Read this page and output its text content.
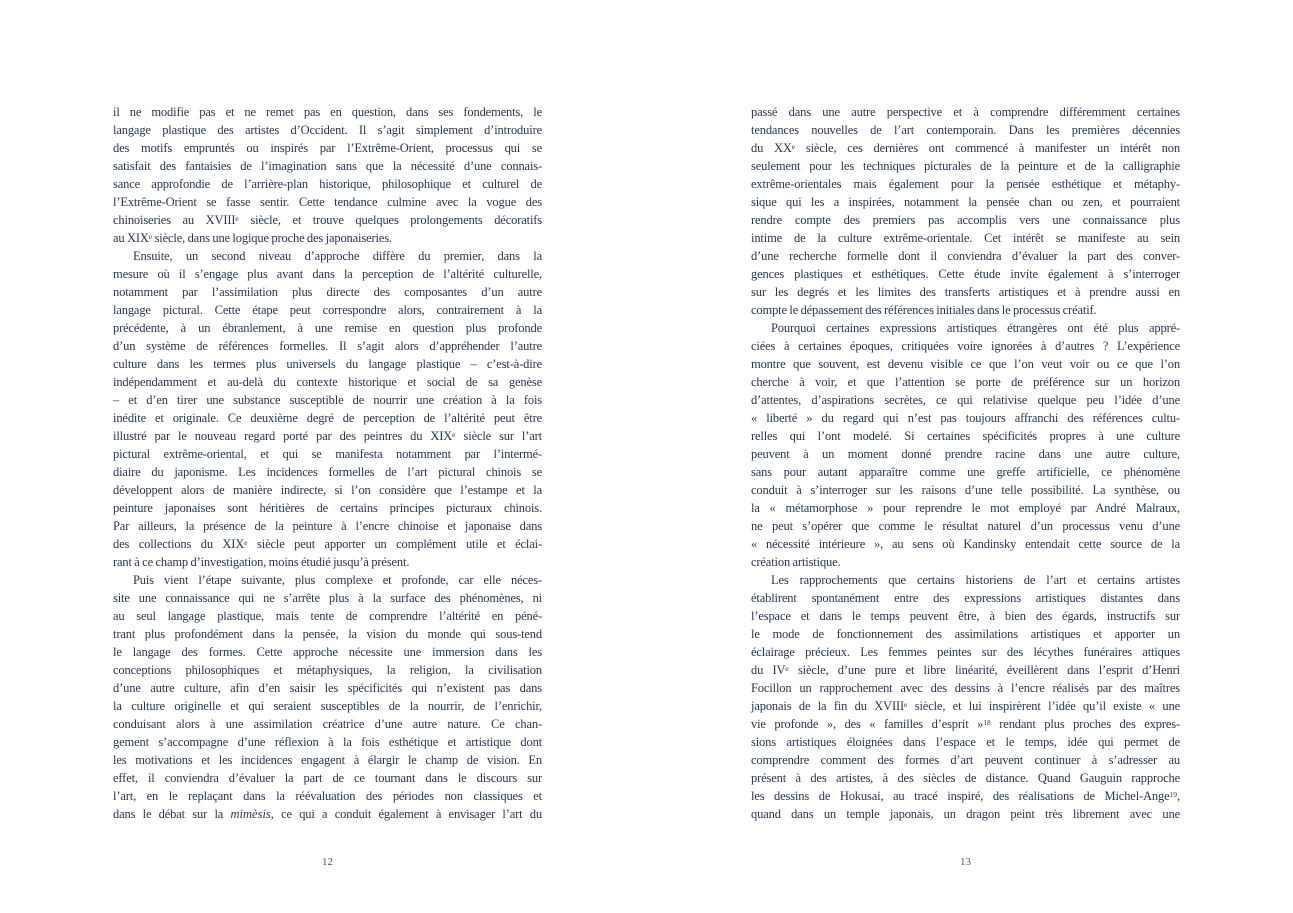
il ne modifie pas et ne remet pas en question, dans ses fondements, le
langage plastique des artistes d’Occident. Il s’agit simplement d’introduire
des motifs empruntés ou inspirés par l’Extrême-Orient, processus qui se
satisfait des fantaisies de l’imagination sans que la nécessité d’une connais-
sance approfondie de l’arrière-plan historique, philosophique et culturel de
l’Extrême-Orient se fasse sentir. Cette tendance culmine avec la vogue des
chinoiseries au XVIIIe siècle, et trouve quelques prolongements décoratifs
au XIXe siècle, dans une logique proche des japonaiseries.
Ensuite, un second niveau d’approche diffère du premier, dans la
mesure où il s’engage plus avant dans la perception de l’altérité culturelle,
notamment par l’assimilation plus directe des composantes d’un autre
langage pictural. Cette étape peut correspondre alors, contrairement à la
précédente, à un ébranlement, à une remise en question plus profonde
d’un système de références formelles. Il s’agit alors d’appréhender l’autre
culture dans les termes plus universels du langage plastique – c’est-à-dire
indépendamment et au-delà du contexte historique et social de sa genèse
– et d’en tirer une substance susceptible de nourrir une création à la fois
inédite et originale. Ce deuxième degré de perception de l’altérité peut être
illustré par le nouveau regard porté par des peintres du XIXe siècle sur l’art
pictural extrême-oriental, et qui se manifesta notamment par l’intermé-
diaire du japonisme. Les incidences formelles de l’art pictural chinois se
développent alors de manière indirecte, si l’on considère que l’estampe et la
peinture japonaises sont héritières de certains principes picturaux chinois.
Par ailleurs, la présence de la peinture à l’encre chinoise et japonaise dans
des collections du XIXe siècle peut apporter un complément utile et éclai-
rant à ce champ d’investigation, moins étudié jusqu’à présent.
Puis vient l’étape suivante, plus complexe et profonde, car elle néces-
site une connaissance qui ne s’arrête plus à la surface des phénomènes, ni
au seul langage plastique, mais tente de comprendre l’altérité en péné-
trant plus profondément dans la pensée, la vision du monde qui sous-tend
le langage des formes. Cette approche nécessite une immersion dans les
conceptions philosophiques et métaphysiques, la religion, la civilisation
d’une autre culture, afin d’en saisir les spécificités qui n’existent pas dans
la culture originelle et qui seraient susceptibles de la nourrir, de l’enrichir,
conduisant alors à une assimilation créatrice d’une autre nature. Ce chan-
gement s’accompagne d’une réflexion à la fois esthétique et artistique dont
les motivations et les incidences engagent à élargir le champ de vision. En
effet, il conviendra d’évaluer la part de ce tournant dans le discours sur
l’art, en le replaçant dans la réévaluation des périodes non classiques et
dans le débat sur la mimèsis, ce qui a conduit également à envisager l’art du
passé dans une autre perspective et à comprendre différemment certaines
tendances nouvelles de l’art contemporain. Dans les premières décennies
du XXe siècle, ces dernières ont commencé à manifester un intérêt non
seulement pour les techniques picturales de la peinture et de la calligraphie
extrême-orientales mais également pour la pensée esthétique et métaphy-
sique qui les a inspirées, notamment la pensée chan ou zen, et pourraient
rendre compte des premiers pas accomplis vers une connaissance plus
intime de la culture extrême-orientale. Cet intérêt se manifeste au sein
d’une recherche formelle dont il conviendra d’évaluer la part des conver-
gences plastiques et esthétiques. Cette étude invite également à s’interroger
sur les degrés et les limites des transferts artistiques et à prendre aussi en
compte le dépassement des références initiales dans le processus créatif.
Pourquoi certaines expressions artistiques étrangères ont été plus appré-
ciées à certaines époques, critiquées voire ignorées à d’autres ? L’expérience
montre que souvent, est devenu visible ce que l’on veut voir ou ce que l’on
cherche à voir, et que l’attention se porte de préférence sur un horizon
d’attentes, d’aspirations secrètes, ce qui relativise quelque peu l’idée d’une
« liberté » du regard qui n’est pas toujours affranchi des références cultu-
relles qui l’ont modelé. Si certaines spécificités propres à une culture
peuvent à un moment donné prendre racine dans une autre culture,
sans pour autant apparaître comme une greffe artificielle, ce phénomène
conduit à s’interroger sur les raisons d’une telle possibilité. La synthèse, ou
la « métamorphose » pour reprendre le mot employé par André Malraux,
ne peut s’opérer que comme le résultat naturel d’un processus venu d’une
« nécessité intérieure », au sens où Kandinsky entendait cette source de la
création artistique.
Les rapprochements que certains historiens de l’art et certains artistes
établirent spontanément entre des expressions artistiques distantes dans
l’espace et dans le temps peuvent être, à bien des égards, instructifs sur
le mode de fonctionnement des assimilations artistiques et apporter un
éclairage précieux. Les femmes peintes sur des lécythes funéraires attiques
du IVe siècle, d’une pure et libre linéarité, éveillèrent dans l’esprit d’Henri
Focillon un rapprochement avec des dessins à l’encre réalisés par des maîtres
japonais de la fin du XVIIIe siècle, et lui inspirèrent l’idée qu’il existe « une
vie profonde », des « familles d’esprit »$^{18}$ rendant plus proches des expres-
sions artistiques éloignées dans l’espace et le temps, idée qui permet de
comprendre comment des formes d’art peuvent continuer à s’adresser au
présent à des artistes, à des siècles de distance. Quand Gauguin rapproche
les dessins de Hokusai, au tracé inspiré, des réalisations de Michel-Ange$^{19}$,
quand dans un temple japonais, un dragon peint très librement avec une
12	13
